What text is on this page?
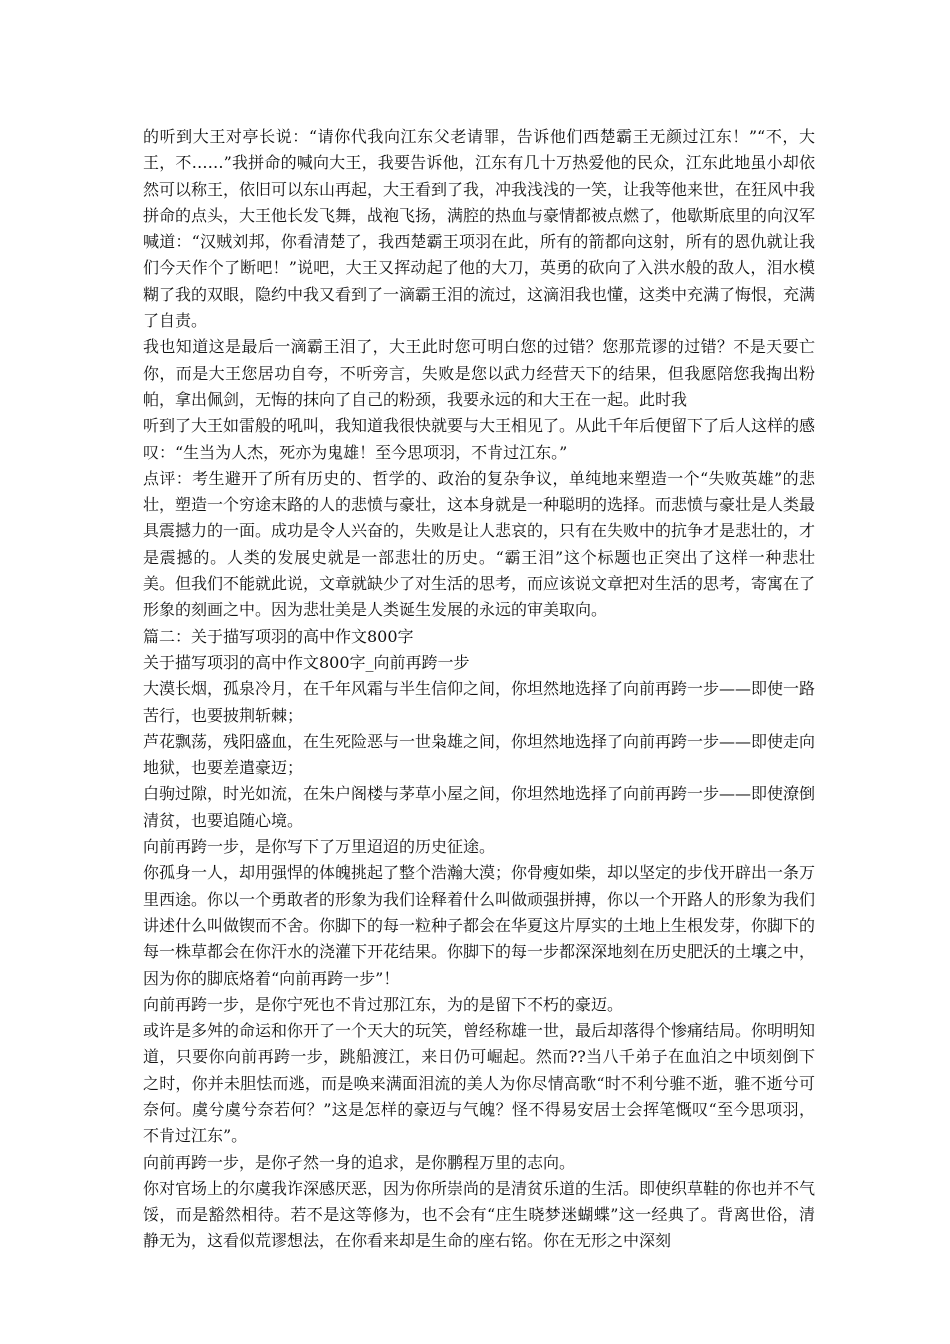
的听到大王对亭长说：“请你代我向江东父老请罪，告诉他们西楚霸王无颜过江东！”“不，大王，不……”我拼命的喊向大王，我要告诉他，江东有几十万热爱他的民众，江东此地虽小却依然可以称王，依旧可以东山再起，大王看到了我，冲我浅浅的一笑，让我等他来世，在狂风中我拼命的点头，大王他长发飞舞，战袍飞扬，满腔的热血与豪情都被点燃了，他歇斯底里的向汉军喊道：“汉贼刘邦，你看清楚了，我西楚霸王项羽在此，所有的箭都向这射，所有的恩仇就让我们今天作个了断吧！”说吧，大王又挥动起了他的大刀，英勇的砍向了入洪水般的敌人，泪水模糊了我的双眼，隐约中我又看到了一滴霸王泪的流过，这滴泪我也懂，这类中充满了悔恨，充满了自责。

我也知道这是最后一滴霸王泪了，大王此时您可明白您的过错？您那荒谬的过错？不是天要亡你，而是大王您居功自夸，不听旁言，失败是您以武力经营天下的结果，但我愿陪您我掏出粉帕，拿出佩剑，无悔的抹向了自己的粉颈，我要永远的和大王在一起。此时我

听到了大王如雷般的吼叫，我知道我很快就要与大王相见了。从此千年后便留下了后人这样的感叹：“生当为人杰，死亦为鬼雄！至今思项羽，不肯过江东。”

点评：考生避开了所有历史的、哲学的、政治的复杂争议，单纯地来塑造一个“失败英雄”的悲壮，塑造一个穷途末路的人的悲愤与豪壮，这本身就是一种聪明的选择。而悲愤与豪壮是人类最具震撼力的一面。成功是令人兴奋的，失败是让人悲哀的，只有在失败中的抗争才是悲壮的，才是震撼的。人类的发展史就是一部悲壮的历史。“霸王泪”这个标题也正突出了这样一种悲壮美。但我们不能就此说，文章就缺少了对生活的思考，而应该说文章把对生活的思考，寄寓在了形象的刻画之中。因为悲壮美是人类诞生发展的永远的审美取向。

篇二：关于描写项羽的高中作文800字

关于描写项羽的高中作文800字_向前再跨一步

大漠长烟，孤泉冷月，在千年风霜与半生信仰之间，你坦然地选择了向前再跨一步——即使一路苦行，也要披荆斩棘；

芦花飘荡，残阳盛血，在生死险恶与一世枭雄之间，你坦然地选择了向前再跨一步——即使走向地狱，也要差遣豪迈；

白驹过隙，时光如流，在朱户阁楼与茅草小屋之间，你坦然地选择了向前再跨一步——即使潦倒清贫，也要追随心境。

向前再跨一步，是你写下了万里迢迢的历史征途。

你孤身一人，却用强悍的体魄挑起了整个浩瀚大漠；你骨瘦如柴，却以坚定的步伐开辟出一条万里西途。你以一个勇敢者的形象为我们诠释着什么叫做顽强拼搏，你以一个开路人的形象为我们讲述什么叫做锲而不舍。你脚下的每一粒种子都会在华夏这片厚实的土地上生根发芽，你脚下的每一株草都会在你汗水的浇灌下开花结果。你脚下的每一步都深深地刻在历史肥沃的土壤之中，因为你的脚底烙着“向前再跨一步”！

向前再跨一步，是你宁死也不肯过那江东，为的是留下不朽的豪迈。

或许是多舛的命运和你开了一个天大的玩笑，曾经称雄一世，最后却落得个惨痛结局。你明明知道，只要你向前再跨一步，跳船渡江，来日仍可崛起。然而??当八千弟子在血泊之中顷刻倒下之时，你并未胆怯而逃，而是唤来满面泪流的美人为你尽情高歌“时不利兮骓不逝，骓不逝兮可奈何。虞兮虞兮奈若何？”这是怎样的豪迈与气魄？怪不得易安居士会挥笔慨叹“至今思项羽，不肯过江东”。

向前再跨一步，是你孑然一身的追求，是你鹏程万里的志向。

你对官场上的尔虞我诈深感厌恶，因为你所崇尚的是清贫乐道的生活。即使织草鞋的你也并不气馁，而是豁然相待。若不是这等修为，也不会有“庄生晓梦迷蝴蝶”这一经典了。背离世俗，清静无为，这看似荒谬想法，在你看来却是生命的座右铭。你在无形之中深刻
